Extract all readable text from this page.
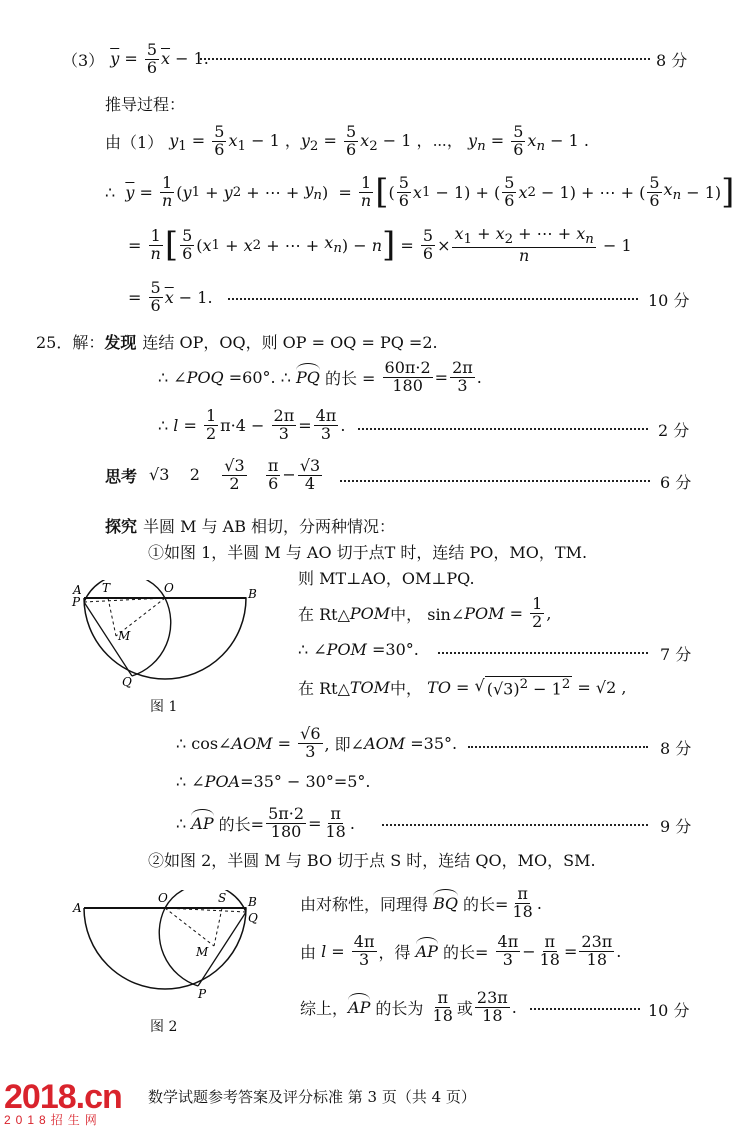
（3） $\overline{y} = \frac{5}{6} \overline{x} - 1$.	8 分
推导过程：
由（1） $y_1 = \frac{5}{6} x_1 - 1$ ，$y_2 = \frac{5}{6} x_2 - 1$ ，⋯， $y_n = \frac{5}{6} x_n - 1$ .
∴ $\overline{y} = \frac{1}{n}$ ( y 1 + y 2 + ⋯ + $y_n$ )  = $\frac{1}{n}$ [ ( $\frac{5}{6}$ x 1 − 1) + ( $\frac{5}{6}$ x 2 − 1) + ⋯ + ( $\frac{5}{6} x_n - 1$) ]
= $\frac{1}{n}$ [ $\frac{5}{6}$ ( x 1 + x 2 + ⋯ + $x_n$ ) − n ] = $\frac{5}{6} \times \frac{x_1 + x_2 + \cdots + x_n}{n} - 1$
= $\frac{5}{6} \overline{x} - 1$.	10 分
25．解： 发现 连结 OP，OQ，则 OP = OQ = PQ =2.
∴ ∠ POQ =60°. ∴ PQ 的长 = $\frac{60\pi\cdot 2}{180} = \frac{2\pi}{3}$ .
∴ $l = \frac{1}{2} \pi\cdot 4 - \frac{2\pi}{3} = \frac{4\pi}{3}$ .	2 分
思考 √3    $2 \frac{√3}{2}$
$\frac{\pi}{6} - \frac{√3}{4}$	6 分
探究 半圆 M 与 AB 相切，分两种情况：
①如图 1，半圆 M 与 AO 切于点T 时，连结 PO，MO，TM.
则 MT⊥AO，OM⊥PQ.
A
P
T	O	B
M
Q
图 1
在 Rt△ POM 中， sin∠ POM = $\frac{1}{2}$ ,
∴ ∠ POM =30°.	7 分
在 Rt△ TOM 中， TO = √ $(√3)^2 - 1^2 = √2$ ,
∴ cos∠ AOM = $\frac{√6}{3}$ , 即∠ AOM =35°.	8 分
∴ ∠ POA =35° − 30°=5°.
∴ AP 的长= $\frac{5\pi\cdot 2}{180} = \frac{\pi}{18}$ .	9 分
②如图 2，半圆 M 与 BO 切于点 S 时，连结 QO，MO，SM.
A
O	S B
Q
M
P
图 2
由对称性，同理得 BQ 的长= $\frac{\pi}{18}$ .
由 $l = \frac{4\pi}{3}$ ，得 AP 的长= $\frac{4\pi}{3} - \frac{\pi}{18} = \frac{23\pi}{18}$ .
综上， AP 的长为 $\frac{\pi}{18}$ 或 $\frac{23\pi}{18}$ .	10 分
数学试题参考答案及评分标准 第 3 页（共 4 页）
2018.cn
2018招生网
